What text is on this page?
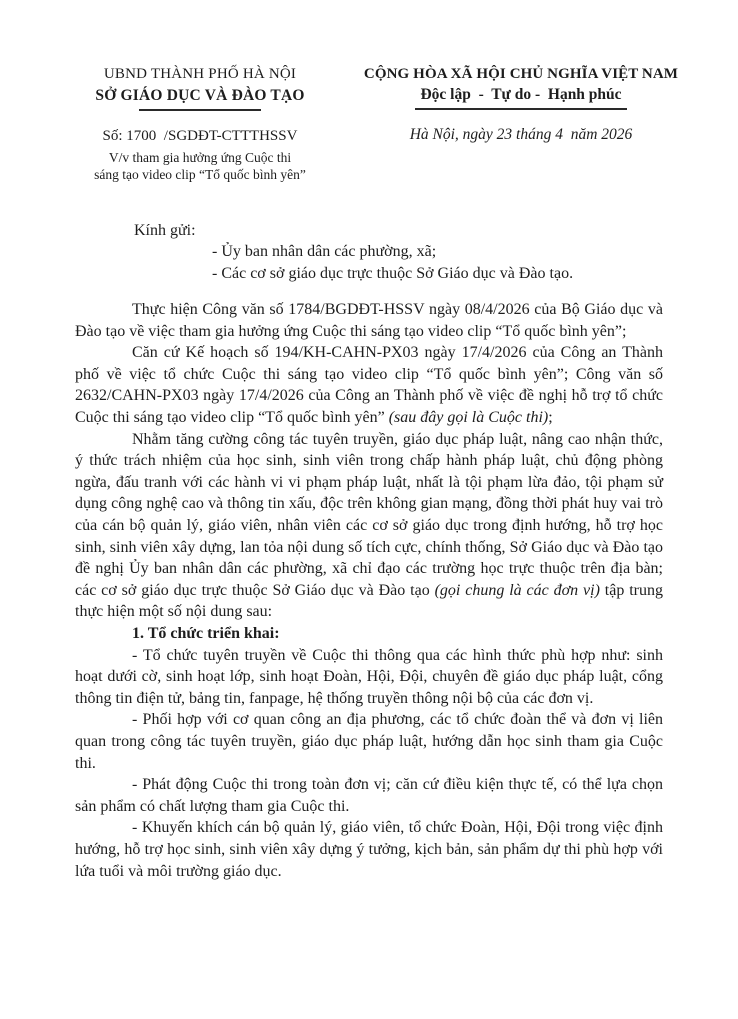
UBND THÀNH PHỐ HÀ NỘI
SỞ GIÁO DỤC VÀ ĐÀO TẠO
Số: 1700  /SGDĐT-CTTTHSSV
V/v tham gia hưởng ứng Cuộc thi
sáng tạo video clip “Tổ quốc bình yên”
CỘNG HÒA XÃ HỘI CHỦ NGHĨA VIỆT NAM
Độc lập  -  Tự do -  Hạnh phúc
Hà Nội, ngày 23 tháng 4  năm 2026
Kính gửi:
- Ủy ban nhân dân các phường, xã;
- Các cơ sở giáo dục trực thuộc Sở Giáo dục và Đào tạo.

Thực hiện Công văn số 1784/BGDĐT-HSSV ngày 08/4/2026 của Bộ Giáo dục và Đào tạo về việc tham gia hưởng ứng Cuộc thi sáng tạo video clip “Tổ quốc bình yên”;

Căn cứ Kế hoạch số 194/KH-CAHN-PX03 ngày 17/4/2026 của Công an Thành phố về việc tổ chức Cuộc thi sáng tạo video clip “Tổ quốc bình yên”; Công văn số 2632/CAHN-PX03 ngày 17/4/2026 của Công an Thành phố về việc đề nghị hỗ trợ tổ chức Cuộc thi sáng tạo video clip “Tổ quốc bình yên” (sau đây gọi là Cuộc thi);

Nhằm tăng cường công tác tuyên truyền, giáo dục pháp luật, nâng cao nhận thức, ý thức trách nhiệm của học sinh, sinh viên trong chấp hành pháp luật, chủ động phòng ngừa, đấu tranh với các hành vi vi phạm pháp luật, nhất là tội phạm lừa đảo, tội phạm sử dụng công nghệ cao và thông tin xấu, độc trên không gian mạng, đồng thời phát huy vai trò của cán bộ quản lý, giáo viên, nhân viên các cơ sở giáo dục trong định hướng, hỗ trợ học sinh, sinh viên xây dựng, lan tỏa nội dung số tích cực, chính thống, Sở Giáo dục và Đào tạo đề nghị Ủy ban nhân dân các phường, xã chỉ đạo các trường học trực thuộc trên địa bàn; các cơ sở giáo dục trực thuộc Sở Giáo dục và Đào tạo (gọi chung là các đơn vị) tập trung thực hiện một số nội dung sau:

1. Tổ chức triển khai:

- Tổ chức tuyên truyền về Cuộc thi thông qua các hình thức phù hợp như: sinh hoạt dưới cờ, sinh hoạt lớp, sinh hoạt Đoàn, Hội, Đội, chuyên đề giáo dục pháp luật, cổng thông tin điện tử, bảng tin, fanpage, hệ thống truyền thông nội bộ của các đơn vị.

- Phối hợp với cơ quan công an địa phương, các tổ chức đoàn thể và đơn vị liên quan trong công tác tuyên truyền, giáo dục pháp luật, hướng dẫn học sinh tham gia Cuộc thi.

- Phát động Cuộc thi trong toàn đơn vị; căn cứ điều kiện thực tế, có thể lựa chọn sản phẩm có chất lượng tham gia Cuộc thi.

- Khuyến khích cán bộ quản lý, giáo viên, tổ chức Đoàn, Hội, Đội trong việc định hướng, hỗ trợ học sinh, sinh viên xây dựng ý tưởng, kịch bản, sản phẩm dự thi phù hợp với lứa tuổi và môi trường giáo dục.
